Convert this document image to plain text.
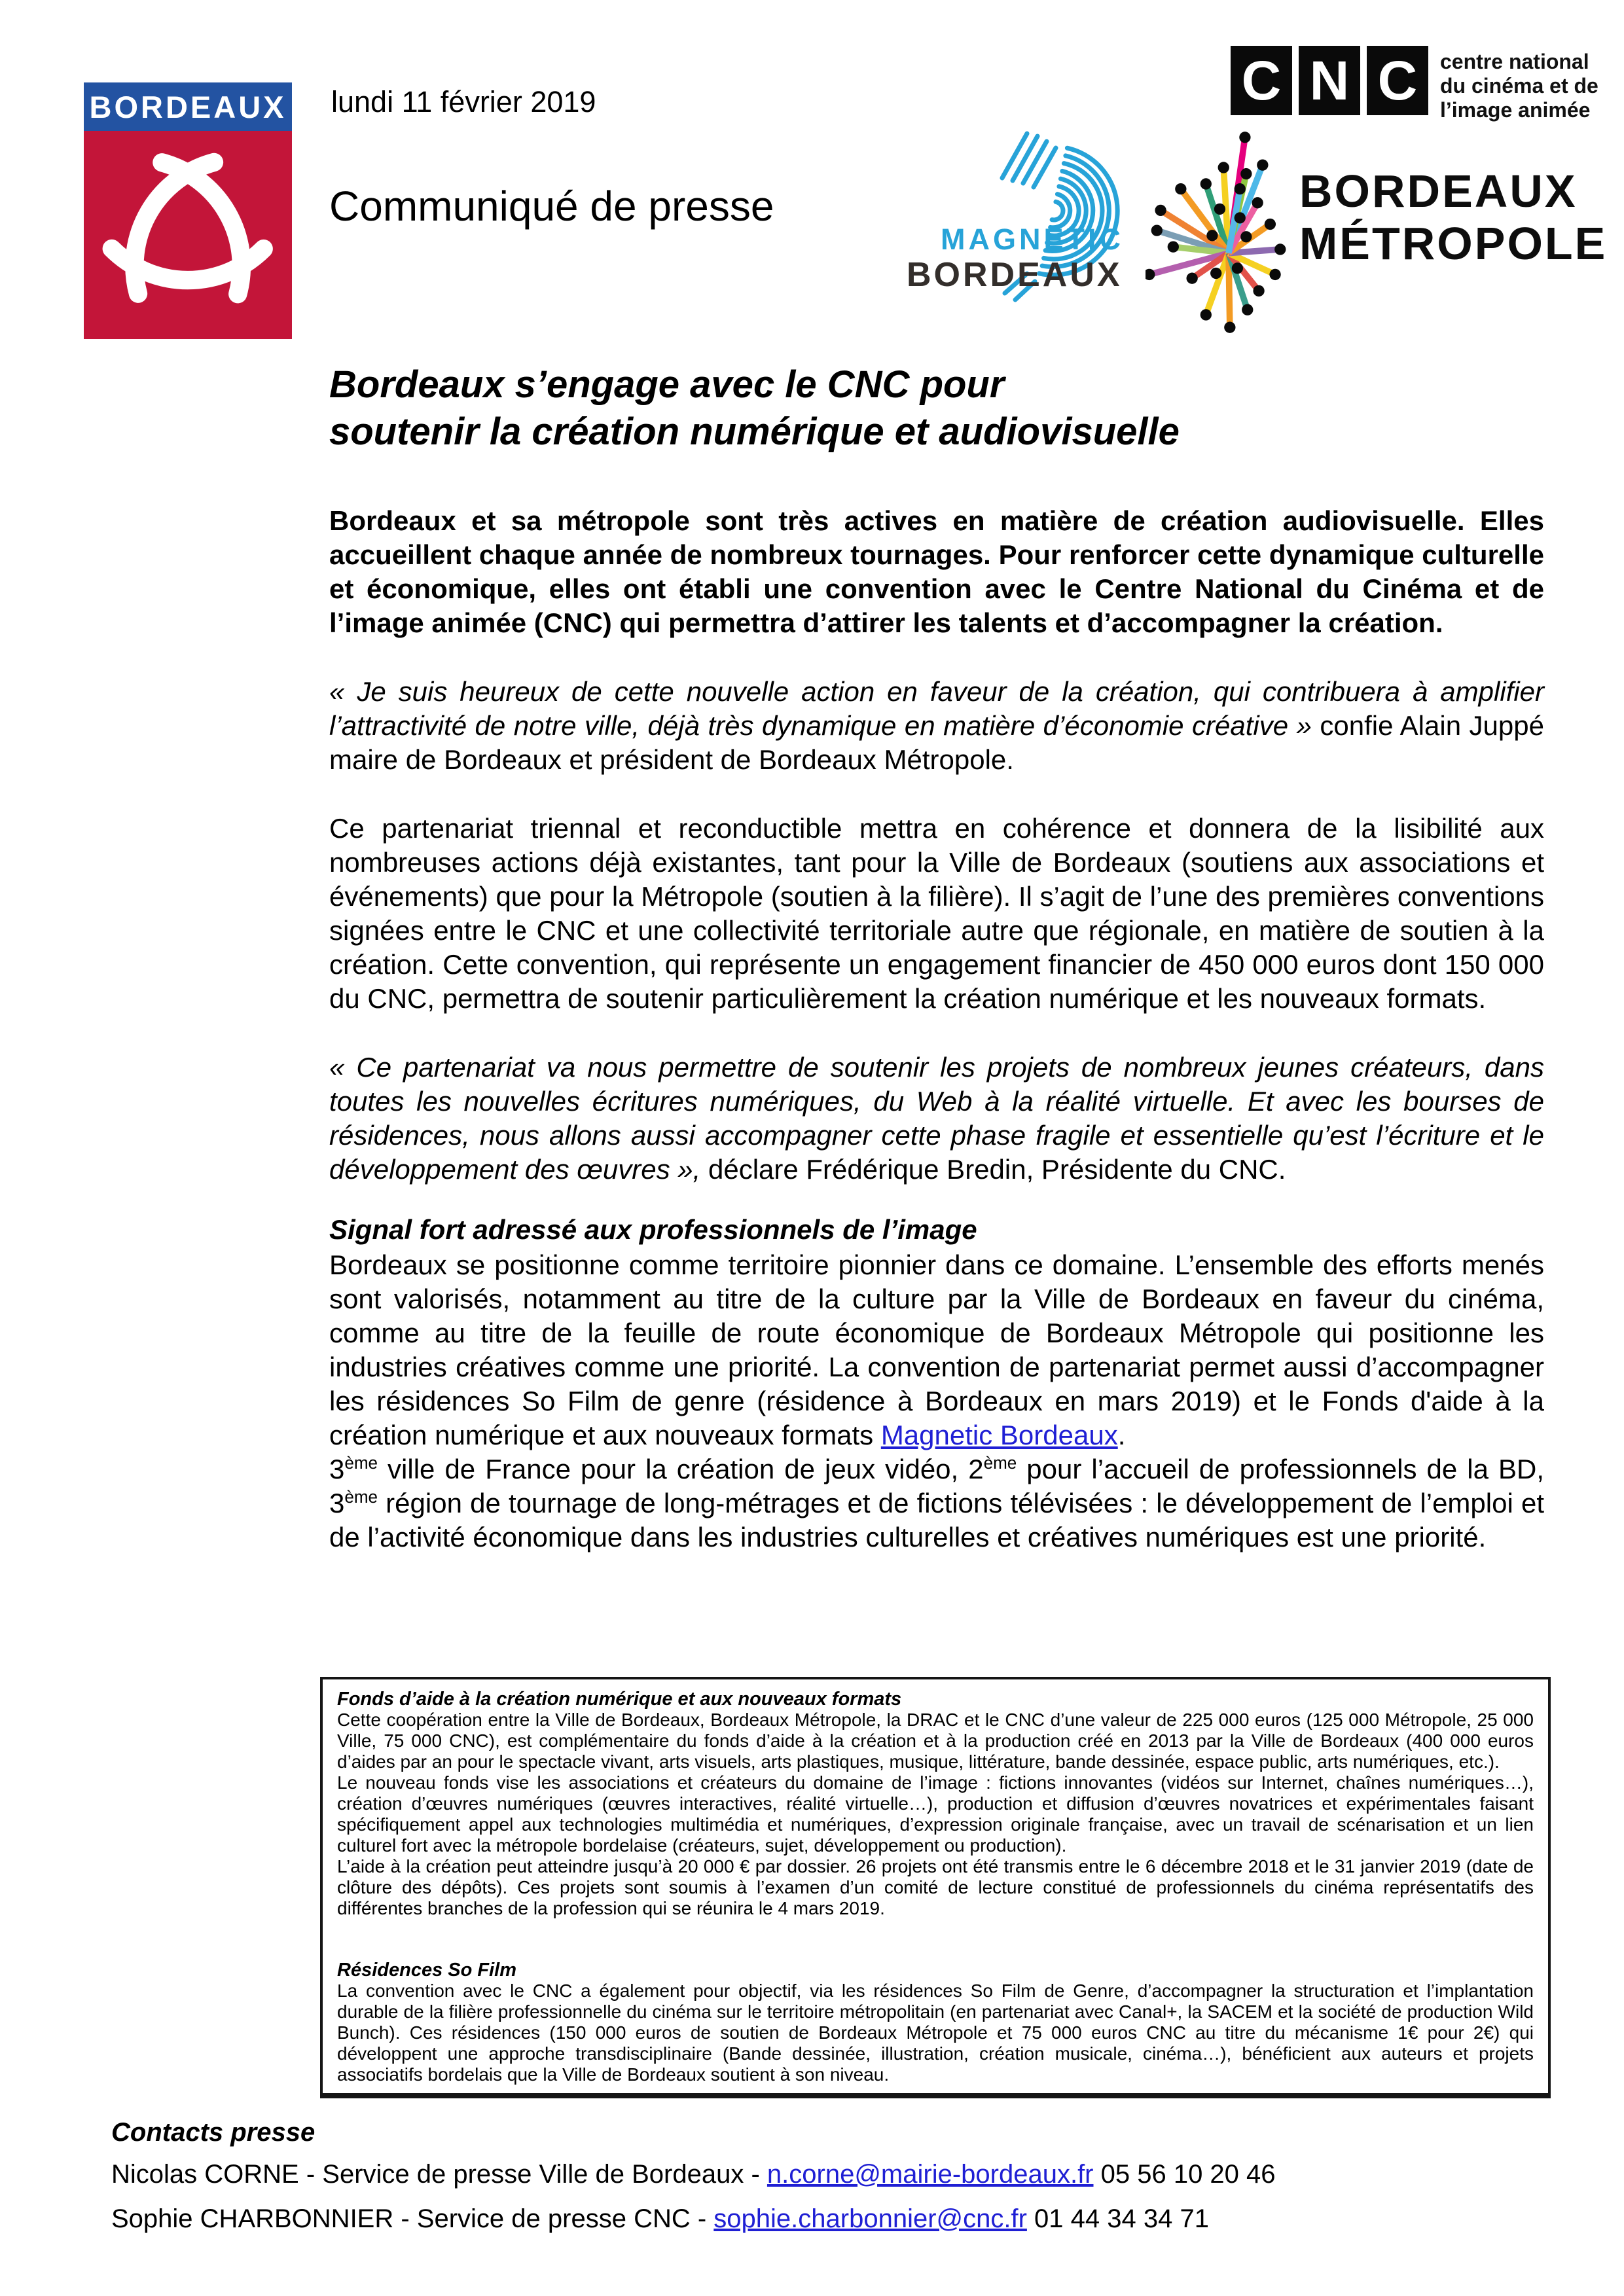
BORDEAUX lundi 11 février 2019
Communiqué de presse
MAGNETIC
BORDEAUX
C N C	centre national
du cinéma et de
l’image animée
BORDEAUX
MÉTROPOLE
Bordeaux s’engage avec le CNC pour
soutenir la création numérique et audiovisuelle

Bordeaux et sa métropole sont très actives en matière de création audiovisuelle. Elles accueillent chaque année de nombreux tournages. Pour renforcer cette dynamique culturelle et économique, elles ont établi une convention avec le Centre National du Cinéma et de l’image animée (CNC) qui permettra d’attirer les talents et d’accompagner la création.

« Je suis heureux de cette nouvelle action en faveur de la création, qui contribuera à amplifier l’attractivité de notre ville, déjà très dynamique en matière d’économie créative » confie Alain Juppé maire de Bordeaux et président de Bordeaux Métropole.

Ce partenariat triennal et reconductible mettra en cohérence et donnera de la lisibilité aux nombreuses actions déjà existantes, tant pour la Ville de Bordeaux (soutiens aux associations et événements) que pour la Métropole (soutien à la filière). Il s’agit de l’une des premières conventions signées entre le CNC et une collectivité territoriale autre que régionale, en matière de soutien à la création. Cette convention, qui représente un engagement financier de 450 000 euros dont 150 000 du CNC, permettra de soutenir particulièrement la création numérique et les nouveaux formats.

« Ce partenariat va nous permettre de soutenir les projets de nombreux jeunes créateurs, dans toutes les nouvelles écritures numériques, du Web à la réalité virtuelle. Et avec les bourses de résidences, nous allons aussi accompagner cette phase fragile et essentielle qu’est l’écriture et le développement des œuvres », déclare Frédérique Bredin, Présidente du CNC.

Signal fort adressé aux professionnels de l’image

Bordeaux se positionne comme territoire pionnier dans ce domaine. L’ensemble des efforts menés sont valorisés, notamment au titre de la culture par la Ville de Bordeaux en faveur du cinéma, comme au titre de la feuille de route économique de Bordeaux Métropole qui positionne les industries créatives comme une priorité. La convention de partenariat permet aussi d’accompagner les résidences So Film de genre (résidence à Bordeaux en mars 2019) et le Fonds d'aide à la création numérique et aux nouveaux formats Magnetic Bordeaux.

3ème ville de France pour la création de jeux vidéo, 2ème pour l’accueil de professionnels de la BD, 3ème région de tournage de long-métrages et de fictions télévisées : le développement de l’emploi et de l’activité économique dans les industries culturelles et créatives numériques est une priorité.

Fonds d’aide à la création numérique et aux nouveaux formats

Cette coopération entre la Ville de Bordeaux, Bordeaux Métropole, la DRAC et le CNC d’une valeur de 225 000 euros (125 000 Métropole, 25 000 Ville, 75 000 CNC), est complémentaire du fonds d’aide à la création et à la production créé en 2013 par la Ville de Bordeaux (400 000 euros d’aides par an pour le spectacle vivant, arts visuels, arts plastiques, musique, littérature, bande dessinée, espace public, arts numériques, etc.).

Le nouveau fonds vise les associations et créateurs du domaine de l’image : fictions innovantes (vidéos sur Internet, chaînes numériques…), création d’œuvres numériques (œuvres interactives, réalité virtuelle…), production et diffusion d’œuvres novatrices et expérimentales faisant spécifiquement appel aux technologies multimédia et numériques, d’expression originale française, avec un travail de scénarisation et un lien culturel fort avec la métropole bordelaise (créateurs, sujet, développement ou production).

L’aide à la création peut atteindre jusqu’à 20 000 € par dossier. 26 projets ont été transmis entre le 6 décembre 2018 et le 31 janvier 2019 (date de clôture des dépôts). Ces projets sont soumis à l’examen d’un comité de lecture constitué de professionnels du cinéma représentatifs des différentes branches de la profession qui se réunira le 4 mars 2019.

Résidences So Film

La convention avec le CNC a également pour objectif, via les résidences So Film de Genre, d’accompagner la structuration et l’implantation durable de la filière professionnelle du cinéma sur le territoire métropolitain (en partenariat avec Canal+, la SACEM et la société de production Wild Bunch). Ces résidences (150 000 euros de soutien de Bordeaux Métropole et 75 000 euros CNC au titre du mécanisme 1€ pour 2€) qui développent une approche transdisciplinaire (Bande dessinée, illustration, création musicale, cinéma…), bénéficient aux auteurs et projets associatifs bordelais que la Ville de Bordeaux soutient à son niveau.

Contacts presse
Nicolas CORNE - Service de presse Ville de Bordeaux - n.corne@mairie-bordeaux.fr 05 56 10 20 46
Sophie CHARBONNIER - Service de presse CNC - sophie.charbonnier@cnc.fr 01 44 34 34 71
